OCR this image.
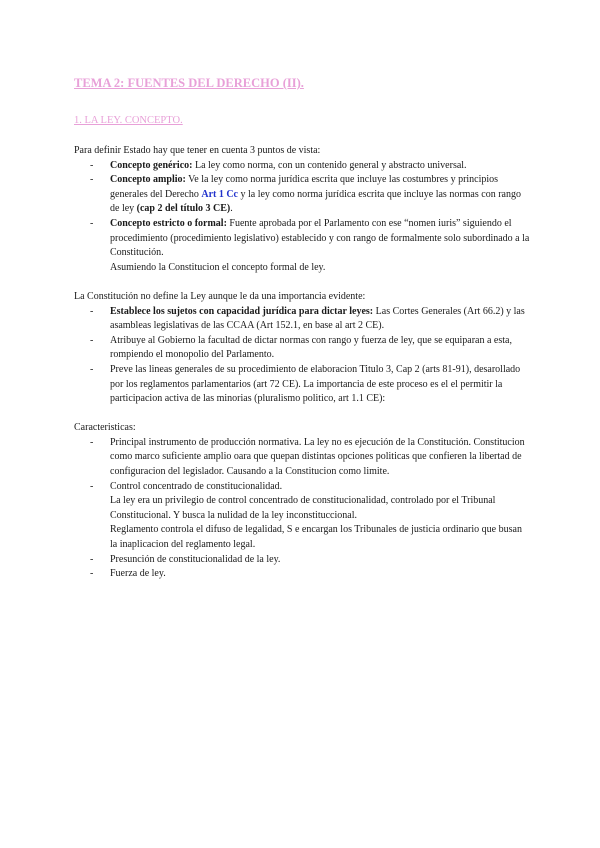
TEMA 2: FUENTES DEL DERECHO (II).
1. LA LEY. CONCEPTO.

Para definir Estado hay que tener en cuenta 3 puntos de vista:

- Concepto genérico: La ley como norma, con un contenido general y abstracto universal.
- Concepto amplio: Ve la ley como norma jurídica escrita que incluye las costumbres y principios generales del Derecho Art 1 Cc y la ley como norma jurídica escrita que incluye las normas con rango de ley (cap 2 del título 3 CE).
- Concepto estricto o formal: Fuente aprobada por el Parlamento con ese “nomen iuris” siguiendo el procedimiento (procedimiento legislativo) establecido y con rango de formalmente solo subordinado a la Constitución.
Asumiendo la Constitucion el concepto formal de ley.

La Constitución no define la Ley aunque le da una importancia evidente:

- Establece los sujetos con capacidad jurídica para dictar leyes: Las Cortes Generales (Art 66.2) y las asambleas legislativas de las CCAA (Art 152.1, en base al art 2 CE).
- Atribuye al Gobierno la facultad de dictar normas con rango y fuerza de ley, que se equiparan a esta, rompiendo el monopolio del Parlamento.
- Preve las lineas generales de su procedimiento de elaboracion Titulo 3, Cap 2 (arts 81-91), desarollado por los reglamentos parlamentarios (art 72 CE). La importancia de este proceso es el el permitir la participacion activa de las minorias (pluralismo politico, art 1.1 CE):

Caracteristicas:

- Principal instrumento de producción normativa. La ley no es ejecución de la Constitución. Constitucion como marco suficiente amplio oara que quepan distintas opciones politicas que confieren la libertad de configuracion del legislador. Causando a la Constitucion como limite.
- Control concentrado de constitucionalidad.
La ley era un privilegio de control concentrado de constitucionalidad, controlado por el Tribunal Constitucional. Y busca la nulidad de la ley inconstituccional.
Reglamento controla el difuso de legalidad, S e encargan los Tribunales de justicia ordinario que busan la inaplicacion del reglamento legal.
- Presunción de constitucionalidad de la ley.
- Fuerza de ley.
